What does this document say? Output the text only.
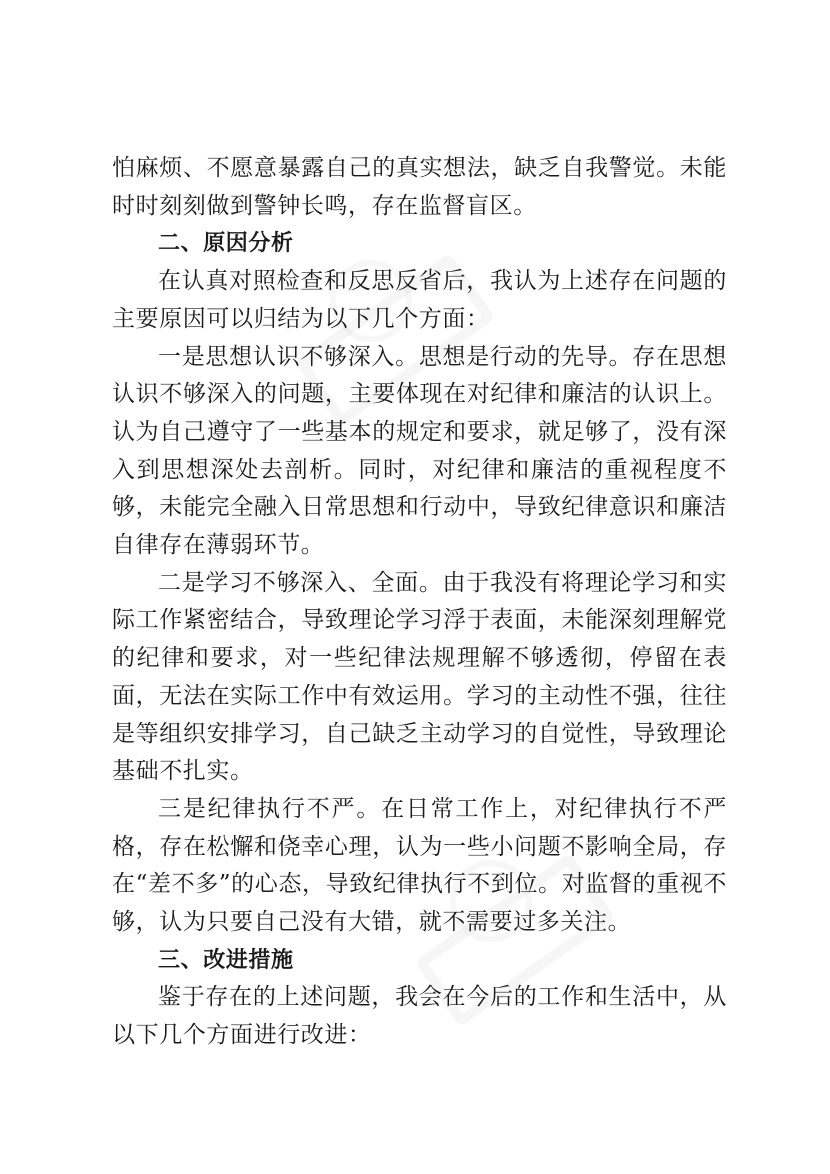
怕麻烦、不愿意暴露自己的真实想法，缺乏自我警觉。未能时时刻刻做到警钟长鸣，存在监督盲区。

二、原因分析

在认真对照检查和反思反省后，我认为上述存在问题的主要原因可以归结为以下几个方面：

一是思想认识不够深入。思想是行动的先导。存在思想认识不够深入的问题，主要体现在对纪律和廉洁的认识上。认为自己遵守了一些基本的规定和要求，就足够了，没有深入到思想深处去剖析。同时，对纪律和廉洁的重视程度不够，未能完全融入日常思想和行动中，导致纪律意识和廉洁自律存在薄弱环节。

二是学习不够深入、全面。由于我没有将理论学习和实际工作紧密结合，导致理论学习浮于表面，未能深刻理解党的纪律和要求，对一些纪律法规理解不够透彻，停留在表面，无法在实际工作中有效运用。学习的主动性不强，往往是等组织安排学习，自己缺乏主动学习的自觉性，导致理论基础不扎实。

三是纪律执行不严。在日常工作上，对纪律执行不严格，存在松懈和侥幸心理，认为一些小问题不影响全局，存在“差不多”的心态，导致纪律执行不到位。对监督的重视不够，认为只要自己没有大错，就不需要过多关注。

三、改进措施

鉴于存在的上述问题，我会在今后的工作和生活中，从以下几个方面进行改进：
